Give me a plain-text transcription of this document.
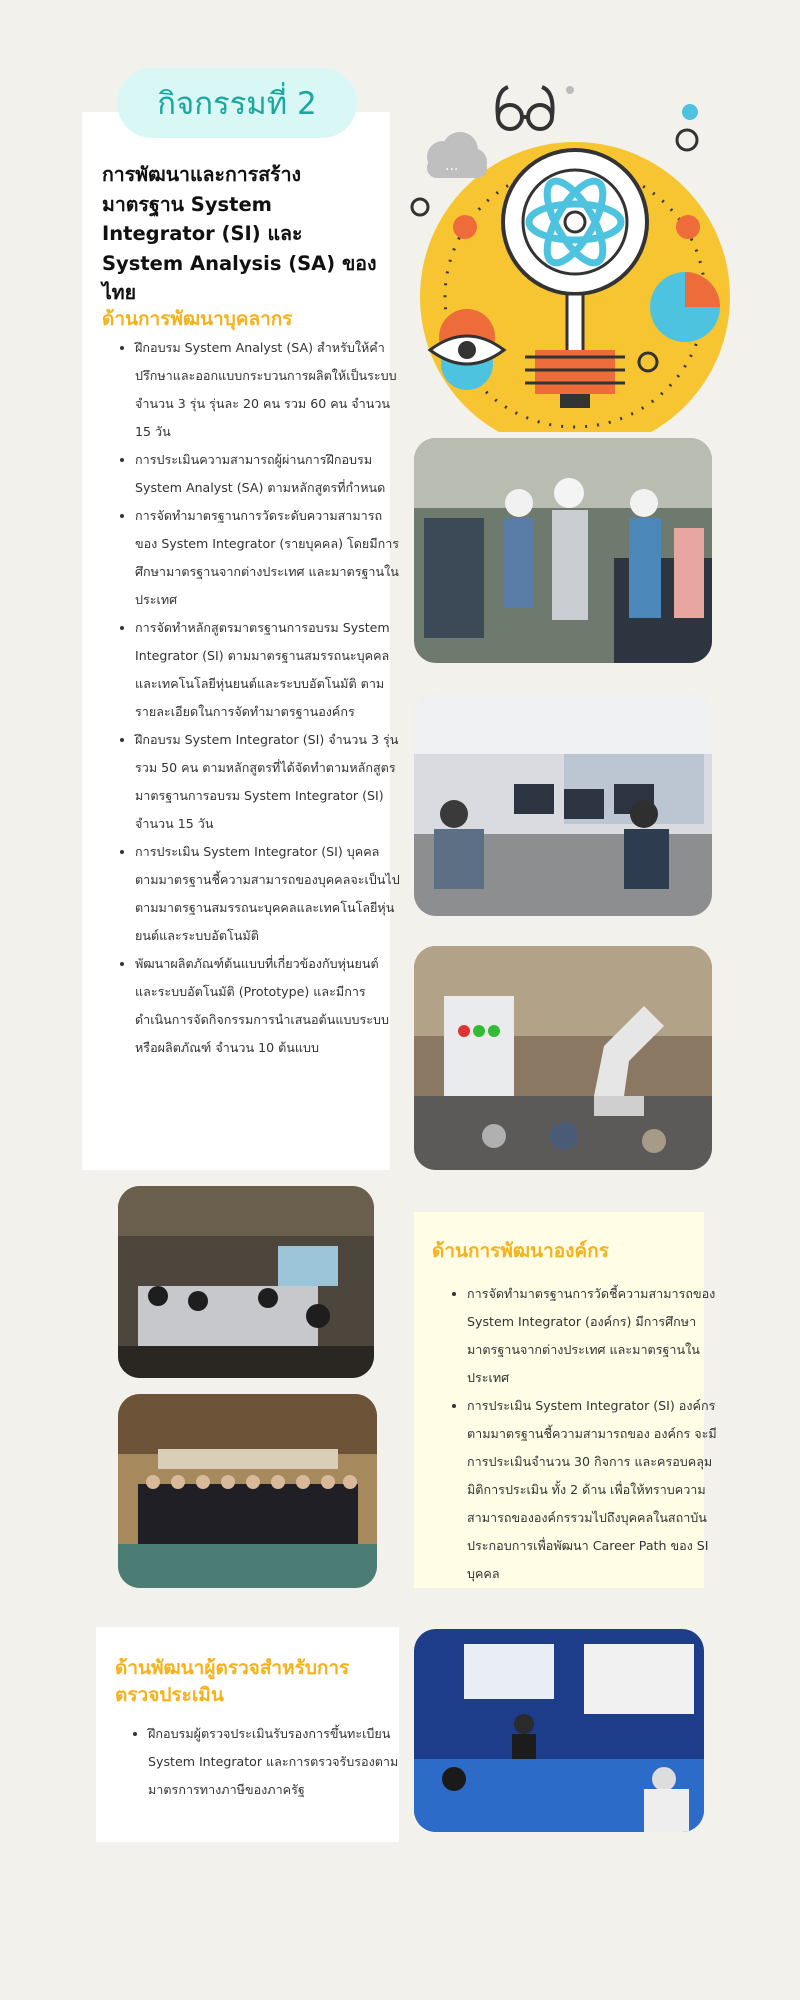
กิจกรรมที่ 2
การพัฒนาและการสร้างมาตรฐาน System Integrator (SI) และ System Analysis (SA) ของไทย
ด้านการพัฒนาบุคลากร
• ฝึกอบรม System Analyst (SA) สำหรับให้คำปรึกษาและออกแบบกระบวนการผลิตให้เป็นระบบ จำนวน 3 รุ่น รุ่นละ 20 คน รวม 60 คน จำนวน 15 วัน
• การประเมินความสามารถผู้ผ่านการฝึกอบรม System Analyst (SA) ตามหลักสูตรที่กำหนด
• การจัดทำมาตรฐานการวัดระดับความสามารถของ System Integrator (รายบุคคล) โดยมีการศึกษามาตรฐานจากต่างประเทศ และมาตรฐานในประเทศ
• การจัดทำหลักสูตรมาตรฐานการอบรม System Integrator (SI) ตามมาตรฐานสมรรถนะบุคคลและเทคโนโลยีหุ่นยนต์และระบบอัตโนมัติ ตามรายละเอียดในการจัดทำมาตรฐานองค์กร
• ฝึกอบรม System Integrator (SI) จำนวน 3 รุ่น รวม 50 คน ตามหลักสูตรที่ได้จัดทำตามหลักสูตรมาตรฐานการอบรม System Integrator (SI) จำนวน 15 วัน
• การประเมิน System Integrator (SI) บุคคลตามมาตรฐานชี้ความสามารถของบุคคลจะเป็นไปตามมาตรฐานสมรรถนะบุคคลและเทคโนโลยีหุ่นยนต์และระบบอัตโนมัติ
• พัฒนาผลิตภัณฑ์ต้นแบบที่เกี่ยวข้องกับหุ่นยนต์และระบบอัตโนมัติ (Prototype) และมีการดำเนินการจัดกิจกรรมการนำเสนอต้นแบบระบบหรือผลิตภัณฑ์ จำนวน 10 ต้นแบบ
...
ด้านการพัฒนาองค์กร
• การจัดทำมาตรฐานการวัดชี้ความสามารถของ System Integrator (องค์กร) มีการศึกษามาตรฐานจากต่างประเทศ และมาตรฐานในประเทศ
• การประเมิน System Integrator (SI) องค์กรตามมาตรฐานชี้ความสามารถของ องค์กร จะมีการประเมินจำนวน 30 กิจการ และครอบคลุมมิติการประเมิน ทั้ง 2 ด้าน เพื่อให้ทราบความสามารถขององค์กรรวมไปถึงบุคคลในสถาบันประกอบการเพื่อพัฒนา Career Path ของ SI บุคคล
ด้านพัฒนาผู้ตรวจสำหรับการตรวจประเมิน
• ฝึกอบรมผู้ตรวจประเมินรับรองการขึ้นทะเบียน System Integrator และการตรวจรับรองตามมาตรการทางภาษีของภาครัฐ
